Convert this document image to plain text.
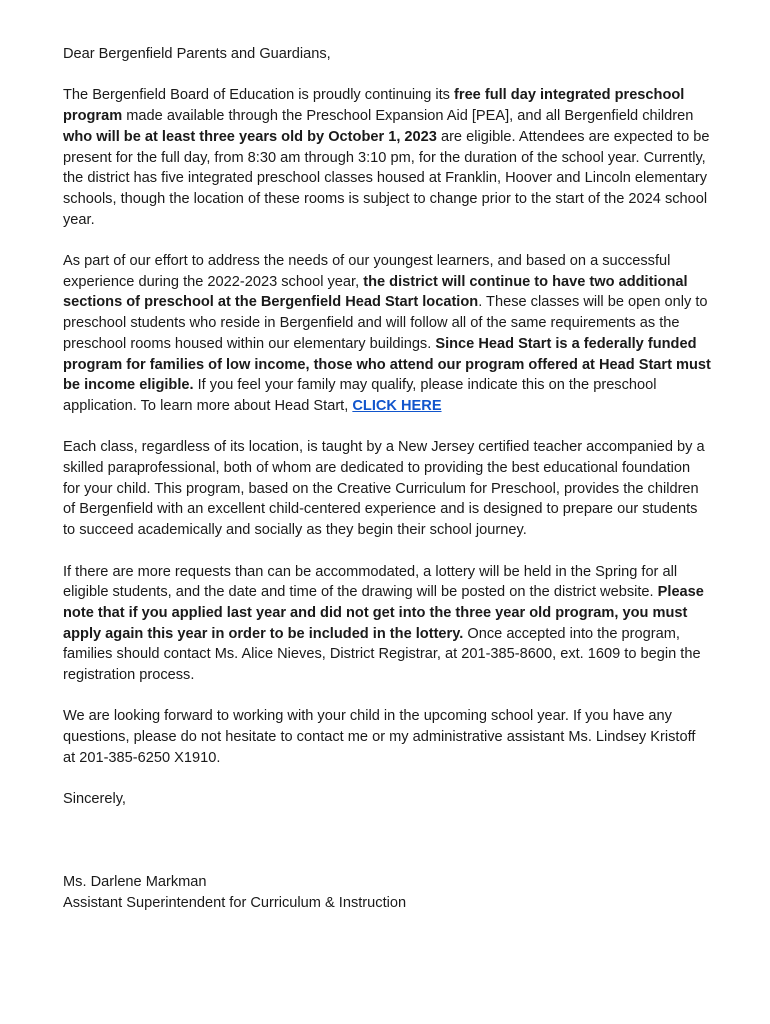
Dear Bergenfield Parents and Guardians,

The Bergenfield Board of Education is proudly continuing its free full day integrated preschool program made available through the Preschool Expansion Aid [PEA], and all Bergenfield children who will be at least three years old by October 1, 2023 are eligible. Attendees are expected to be present for the full day, from 8:30 am through 3:10 pm, for the duration of the school year. Currently, the district has five integrated preschool classes housed at Franklin, Hoover and Lincoln elementary schools, though the location of these rooms is subject to change prior to the start of the 2024 school year.

As part of our effort to address the needs of our youngest learners, and based on a successful experience during the 2022-2023 school year, the district will continue to have two additional sections of preschool at the Bergenfield Head Start location. These classes will be open only to preschool students who reside in Bergenfield and will follow all of the same requirements as the preschool rooms housed within our elementary buildings. Since Head Start is a federally funded program for families of low income, those who attend our program offered at Head Start must be income eligible. If you feel your family may qualify, please indicate this on the preschool application. To learn more about Head Start, CLICK HERE

Each class, regardless of its location, is taught by a New Jersey certified teacher accompanied by a skilled paraprofessional, both of whom are dedicated to providing the best educational foundation for your child. This program, based on the Creative Curriculum for Preschool, provides the children of Bergenfield with an excellent child-centered experience and is designed to prepare our students to succeed academically and socially as they begin their school journey.

If there are more requests than can be accommodated, a lottery will be held in the Spring for all eligible students, and the date and time of the drawing will be posted on the district website. Please note that if you applied last year and did not get into the three year old program, you must apply again this year in order to be included in the lottery. Once accepted into the program, families should contact Ms. Alice Nieves, District Registrar, at 201-385-8600, ext. 1609 to begin the registration process.

We are looking forward to working with your child in the upcoming school year. If you have any questions, please do not hesitate to contact me or my administrative assistant Ms. Lindsey Kristoff at 201-385-6250 X1910.

Sincerely,

Ms. Darlene Markman
Assistant Superintendent for Curriculum & Instruction
